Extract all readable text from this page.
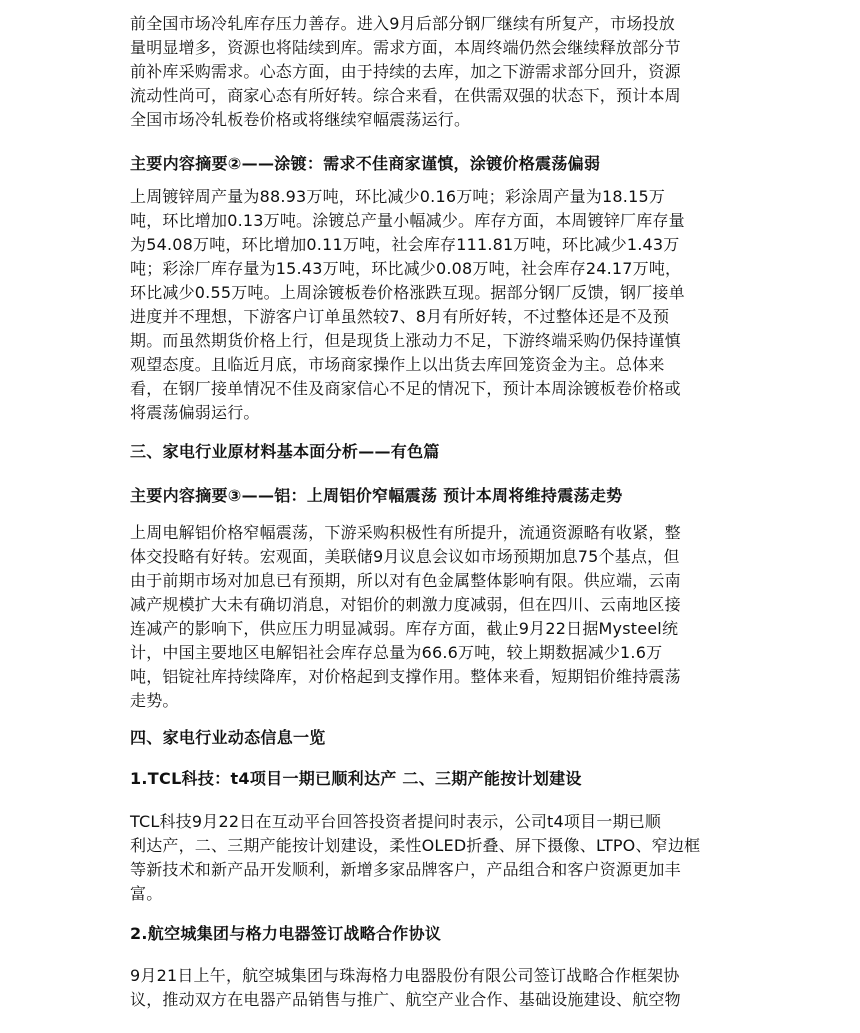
前全国市场冷轧库存压力善存。进入9月后部分钢厂继续有所复产，市场投放

量明显增多，资源也将陆续到库。需求方面，本周终端仍然会继续释放部分节

前补库采购需求。心态方面，由于持续的去库，加之下游需求部分回升，资源

流动性尚可，商家心态有所好转。综合来看，在供需双强的状态下，预计本周

全国市场冷轧板卷价格或将继续窄幅震荡运行。

主要内容摘要②——涂镀：需求不佳商家谨慎，涂镀价格震荡偏弱

上周镀锌周产量为88.93万吨，环比减少0.16万吨；彩涂周产量为18.15万

吨，环比增加0.13万吨。涂镀总产量小幅减少。库存方面，本周镀锌厂库存量

为54.08万吨，环比增加0.11万吨，社会库存111.81万吨，环比减少1.43万

吨；彩涂厂库存量为15.43万吨，环比减少0.08万吨，社会库存24.17万吨，

环比减少0.55万吨。上周涂镀板卷价格涨跌互现。据部分钢厂反馈，钢厂接单

进度并不理想，下游客户订单虽然较7、8月有所好转，不过整体还是不及预

期。而虽然期货价格上行，但是现货上涨动力不足，下游终端采购仍保持谨慎

观望态度。且临近月底，市场商家操作上以出货去库回笼资金为主。总体来

看，在钢厂接单情况不佳及商家信心不足的情况下，预计本周涂镀板卷价格或

将震荡偏弱运行。

三、家电行业原材料基本面分析——有色篇
主要内容摘要③——铝：上周铝价窄幅震荡 预计本周将维持震荡走势

上周电解铝价格窄幅震荡，下游采购积极性有所提升，流通资源略有收紧，整

体交投略有好转。宏观面，美联储9月议息会议如市场预期加息75个基点，但

由于前期市场对加息已有预期，所以对有色金属整体影响有限。供应端，云南

减产规模扩大未有确切消息，对铝价的刺激力度减弱，但在四川、云南地区接

连减产的影响下，供应压力明显减弱。库存方面，截止9月22日据Mysteel统

计，中国主要地区电解铝社会库存总量为66.6万吨，较上期数据减少1.6万

吨，铝锭社库持续降库，对价格起到支撑作用。整体来看，短期铝价维持震荡

走势。

四、家电行业动态信息一览
1.TCL科技：t4项目一期已顺利达产 二、三期产能按计划建设

TCL科技9月22日在互动平台回答投资者提问时表示，公司t4项目一期已顺

利达产，二、三期产能按计划建设，柔性OLED折叠、屏下摄像、LTPO、窄边框

等新技术和新产品开发顺利，新增多家品牌客户，产品组合和客户资源更加丰

富。

2.航空城集团与格力电器签订战略合作协议

9月21日上午，航空城集团与珠海格力电器股份有限公司签订战略合作框架协

议，推动双方在电器产品销售与推广、航空产业合作、基础设施建设、航空物
